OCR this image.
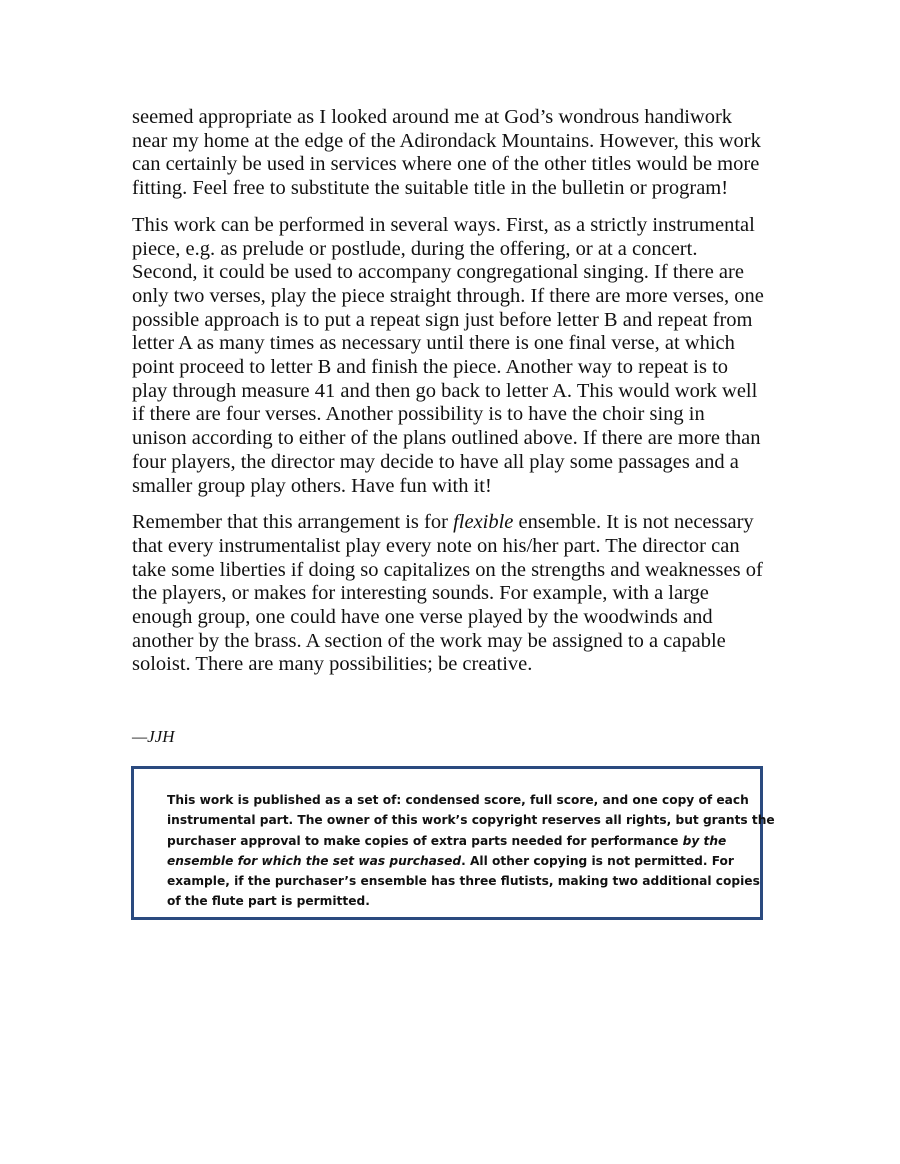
seemed appropriate as I looked around me at God’s wondrous handiwork
near my home at the edge of the Adirondack Mountains. However, this work
can certainly be used in services where one of the other titles would be more
fitting. Feel free to substitute the suitable title in the bulletin or program!

This work can be performed in several ways. First, as a strictly instrumental
piece, e.g. as prelude or postlude, during the offering, or at a concert.
Second, it could be used to accompany congregational singing. If there are
only two verses, play the piece straight through. If there are more verses, one
possible approach is to put a repeat sign just before letter B and repeat from
letter A as many times as necessary until there is one final verse, at which
point proceed to letter B and finish the piece. Another way to repeat is to
play through measure 41 and then go back to letter A. This would work well
if there are four verses. Another possibility is to have the choir sing in
unison according to either of the plans outlined above. If there are more than
four players, the director may decide to have all play some passages and a
smaller group play others. Have fun with it!

Remember that this arrangement is for flexible ensemble. It is not necessary
that every instrumentalist play every note on his/her part. The director can
take some liberties if doing so capitalizes on the strengths and weaknesses of
the players, or makes for interesting sounds. For example, with a large
enough group, one could have one verse played by the woodwinds and
another by the brass. A section of the work may be assigned to a capable
soloist. There are many possibilities; be creative.

—JJH
This work is published as a set of: condensed score, full score, and one copy of each
instrumental part. The owner of this work’s copyright reserves all rights, but grants the
purchaser approval to make copies of extra parts needed for performance by the
ensemble for which the set was purchased. All other copying is not permitted. For
example, if the purchaser’s ensemble has three flutists, making two additional copies
of the flute part is permitted.
